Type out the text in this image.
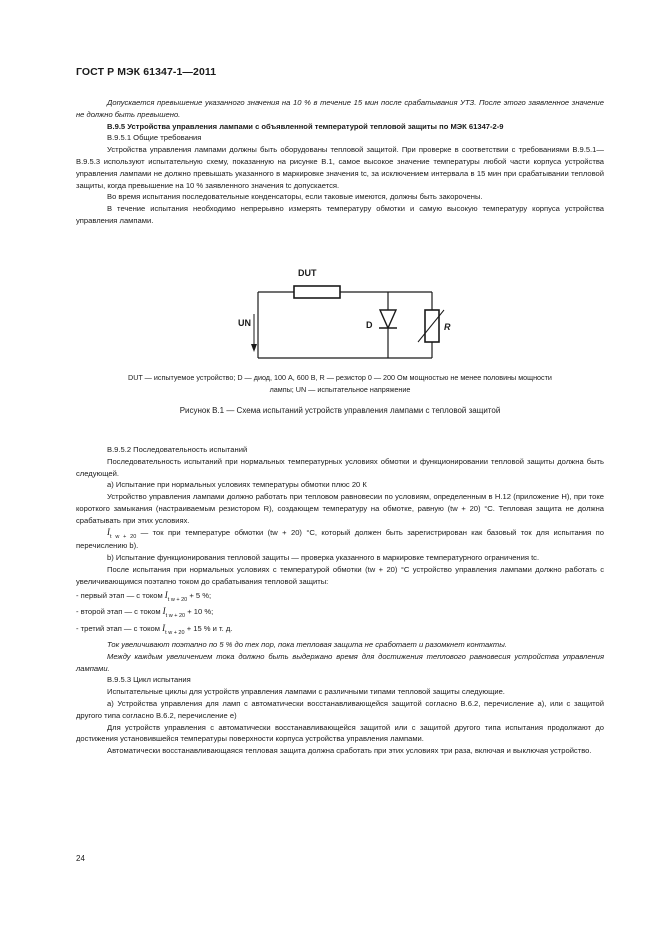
ГОСТ Р МЭК 61347-1—2011

Допускается превышение указанного значения на 10 % в течение 15 мин после срабатывания УТЗ. После этого заявленное значение не должно быть превышено.

B.9.5 Устройства управления лампами с объявленной температурой тепловой защиты по МЭК 61347-2-9

B.9.5.1 Общие требования

Устройства управления лампами должны быть оборудованы тепловой защитой. При проверке в соответствии с требованиями B.9.5.1—B.9.5.3 используют испытательную схему, показанную на рисунке B.1, самое высокое значение температуры любой части корпуса устройства управления лампами не должно превышать указанного в маркировке значения tc, за исключением интервала в 15 мин при срабатывании тепловой защиты, когда превышение на 10 % заявленного значения tc допускается.

Во время испытания последовательные конденсаторы, если таковые имеются, должны быть закорочены.

В течение испытания необходимо непрерывно измерять температуру обмотки и самую высокую температуру корпуса устройства управления лампами.

DUT
UN	D	R
DUT — испытуемое устройство; D — диод, 100 А, 600 В, R — резистор 0 — 200 Ом мощностью не менее половины мощности
лампы; UN — испытательное напряжение
Рисунок B.1 — Схема испытаний устройств управления лампами с тепловой защитой

B.9.5.2 Последовательность испытаний

Последовательность испытаний при нормальных температурных условиях обмотки и функционировании тепловой защиты должна быть следующей.

a) Испытание при нормальных условиях температуры обмотки плюс 20 К

Устройство управления лампами должно работать при тепловом равновесии по условиям, определенным в H.12 (приложение H), при токе короткого замыкания (настраиваемым резистором R), создающем температуру на обмотке, равную (tw + 20) °С. Тепловая защита не должна срабатывать при этих условиях.

$I_{t w + 20}$ — ток при температуре обмотки (tw + 20) °С, который должен быть зарегистрирован как базовый ток для испытания по перечислению b).

b) Испытание функционирования тепловой защиты — проверка указанного в маркировке температурного ограничения tc.

После испытания при нормальных условиях с температурой обмотки (tw + 20) °С устройство управления лампами должно работать с увеличивающимся поэтапно током до срабатывания тепловой защиты:

- первый этап — с током $I_{t w + 20} + 5$ %;

- второй этап — с током $I_{t w + 20} + 10$ %;

- третий этап — с током $I_{t w + 20} + 15$ % и т. д.

Ток увеличивают поэтапно по 5 % до тех пор, пока тепловая защита не сработает и разомкнет контакты.

Между каждым увеличением тока должно быть выдержано время для достижения теплового равновесия устройства управления лампами.

B.9.5.3 Цикл испытания

Испытательные циклы для устройств управления лампами с различными типами тепловой защиты следующие.

a) Устройства управления для ламп с автоматически восстанавливающейся защитой согласно B.6.2, перечисление a), или с защитой другого типа согласно B.6.2, перечисление e)

Для устройств управления с автоматически восстанавливающейся защитой или с защитой другого типа испытания продолжают до достижения установившейся температуры поверхности корпуса устройства управления лампами.

Автоматически восстанавливающаяся тепловая защита должна сработать при этих условиях три раза, включая и выключая устройство.

24
